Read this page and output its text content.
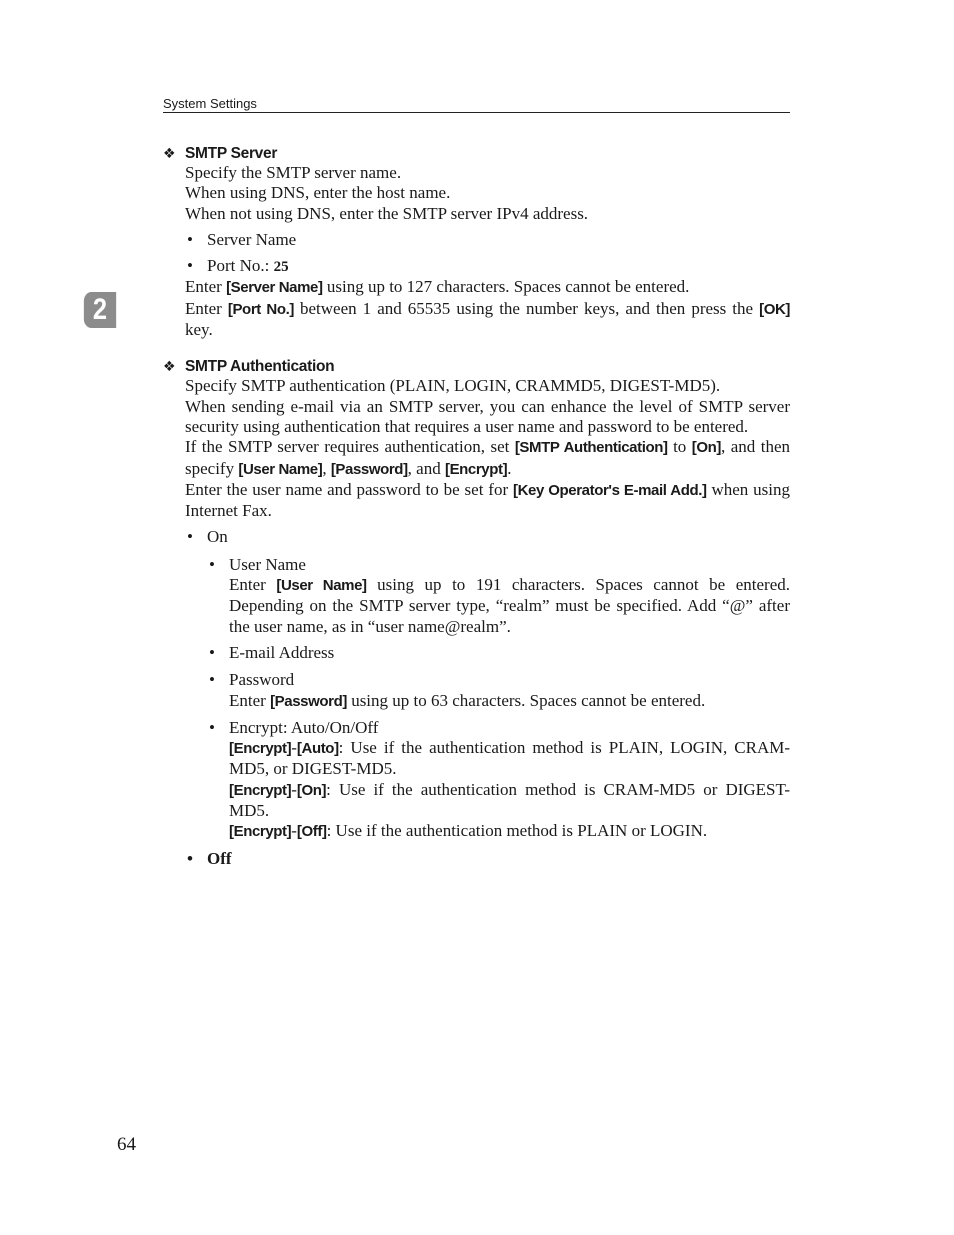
System Settings
2
❖ SMTP Server

Specify the SMTP server name.

When using DNS, enter the host name.

When not using DNS, enter the SMTP server IPv4 address.

• Server Name
• Port No.: 25

Enter [Server Name] using up to 127 characters. Spaces cannot be entered.

Enter [Port No.] between 1 and 65535 using the number keys, and then press the [OK] key.

❖ SMTP Authentication

Specify SMTP authentication (PLAIN, LOGIN, CRAMMD5, DIGEST-MD5).

When sending e-mail via an SMTP server, you can enhance the level of SMTP server security using authentication that requires a user name and password to be entered.

If the SMTP server requires authentication, set [SMTP Authentication] to [On], and then specify [User Name], [Password], and [Encrypt].

Enter the user name and password to be set for [Key Operator's E-mail Add.] when using Internet Fax.

• On
• User Name
Enter [User Name] using up to 191 characters. Spaces cannot be entered. Depending on the SMTP server type, “realm” must be specified. Add “@” after the user name, as in “user name@realm”.
• E-mail Address
• Password
Enter [Password] using up to 63 characters. Spaces cannot be entered.
• Encrypt: Auto/On/Off
[Encrypt]-[Auto]: Use if the authentication method is PLAIN, LOGIN, CRAM-MD5, or DIGEST-MD5.
[Encrypt]-[On]: Use if the authentication method is CRAM-MD5 or DIGEST-MD5.
[Encrypt]-[Off]: Use if the authentication method is PLAIN or LOGIN.
• Off
64
